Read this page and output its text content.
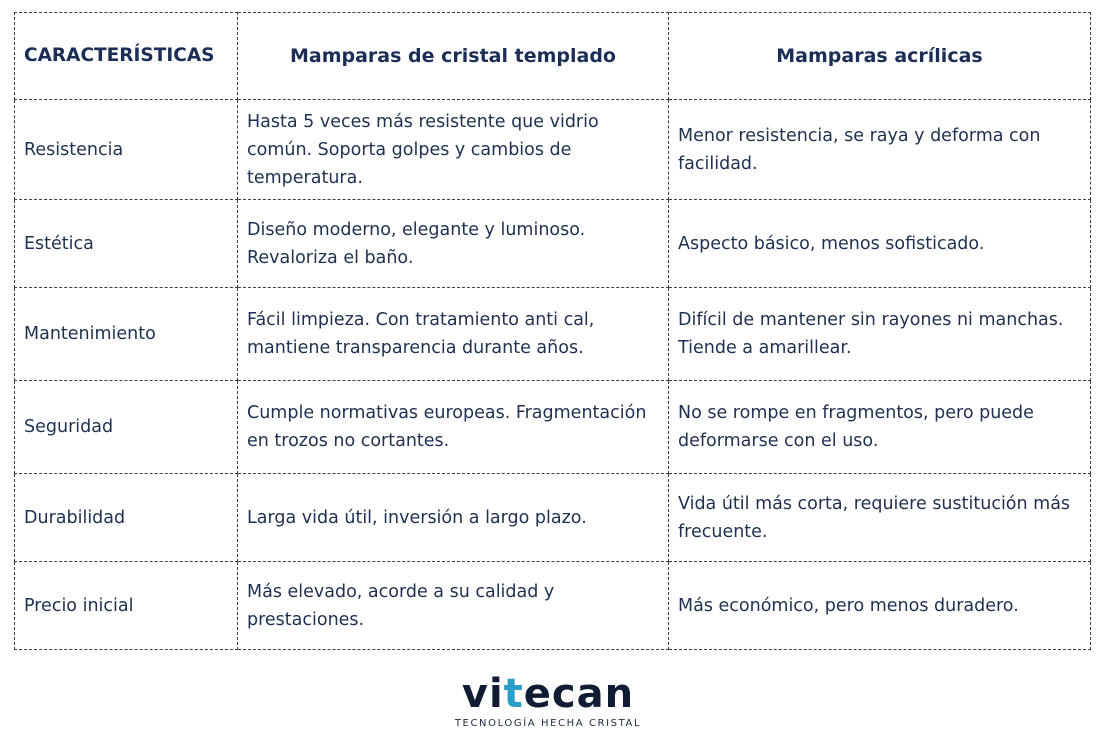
CARACTERÍSTICAS	Mamparas de cristal templado	Mamparas acrílicas
Resistencia	Hasta 5 veces más resistente que vidrio común. Soporta golpes y cambios de temperatura.	Menor resistencia, se raya y deforma con facilidad.
Estética	Diseño moderno, elegante y luminoso. Revaloriza el baño.	Aspecto básico, menos sofisticado.
Mantenimiento	Fácil limpieza. Con tratamiento anti cal, mantiene transparencia durante años.	Difícil de mantener sin rayones ni manchas. Tiende a amarillear.
Seguridad	Cumple normativas europeas. Fragmentación en trozos no cortantes.	No se rompe en fragmentos, pero puede deformarse con el uso.
Durabilidad	Larga vida útil, inversión a largo plazo.	Vida útil más corta, requiere sustitución más frecuente.
Precio inicial	Más elevado, acorde a su calidad y prestaciones.	Más económico, pero menos duradero.
vitecan
TECNOLOGÍA HECHA CRISTAL
